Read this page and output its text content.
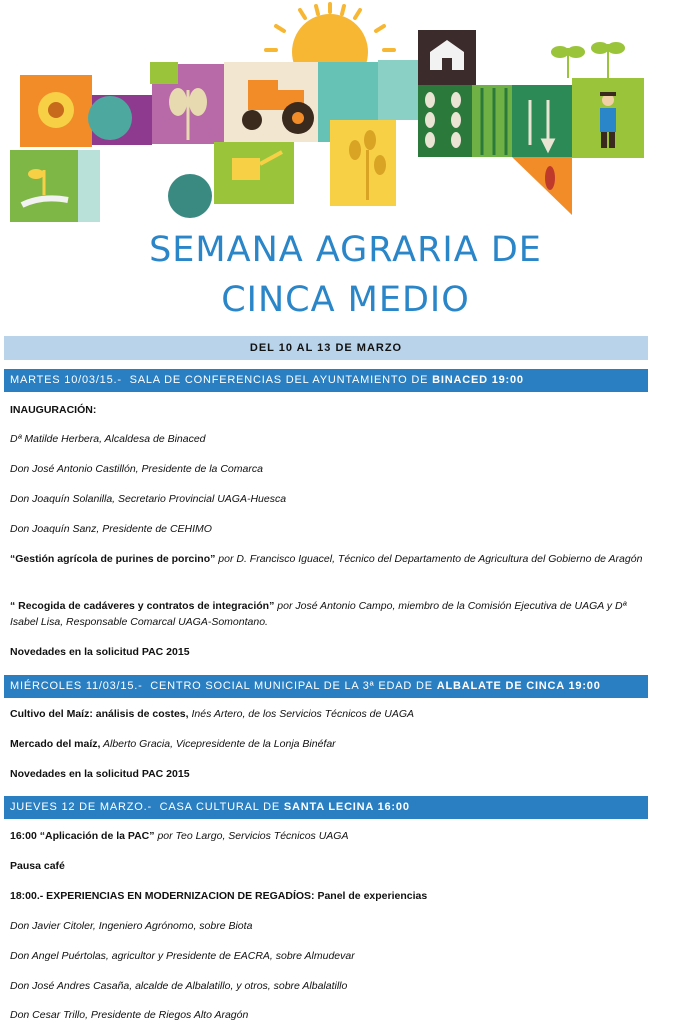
SEMANA AGRARIA DE
CINCA MEDIO
DEL 10 AL 13 DE MARZO
MARTES 10/03/15.- SALA DE CONFERENCIAS DEL AYUNTAMIENTO DE BINACED 19:00
INAUGURACIÓN:
Dª Matilde Herbera, Alcaldesa de Binaced
Don José Antonio Castillón, Presidente de la Comarca
Don Joaquín Solanilla, Secretario Provincial UAGA-Huesca
Don Joaquín Sanz, Presidente de CEHIMO
“Gestión agrícola de purines de porcino” por D. Francisco Iguacel, Técnico del Departamento de Agricultura del Gobierno de Aragón
“ Recogida de cadáveres y contratos de integración” por José Antonio Campo, miembro de la Comisión Ejecutiva de UAGA y Dª Isabel Lisa, Responsable Comarcal UAGA-Somontano.
Novedades en la solicitud PAC 2015
MIÉRCOLES 11/03/15.- CENTRO SOCIAL MUNICIPAL DE LA 3ª EDAD DE ALBALATE DE CINCA 19:00
Cultivo del Maíz: análisis de costes, Inés Artero, de los Servicios Técnicos de UAGA
Mercado del maíz, Alberto Gracia, Vicepresidente de la Lonja Binéfar
Novedades en la solicitud PAC 2015
JUEVES 12 DE MARZO.- CASA CULTURAL DE SANTA LECINA 16:00
16:00 “Aplicación de la PAC” por Teo Largo, Servicios Técnicos UAGA
Pausa café
18:00.- EXPERIENCIAS EN MODERNIZACION DE REGADÍOS: Panel de experiencias
Don Javier Citoler, Ingeniero Agrónomo, sobre Biota
Don Angel Puértolas, agricultor y Presidente de EACRA, sobre Almudevar
Don José Andres Casaña, alcalde de Albalatillo, y otros, sobre Albalatillo
Don Cesar Trillo, Presidente de Riegos Alto Aragón
